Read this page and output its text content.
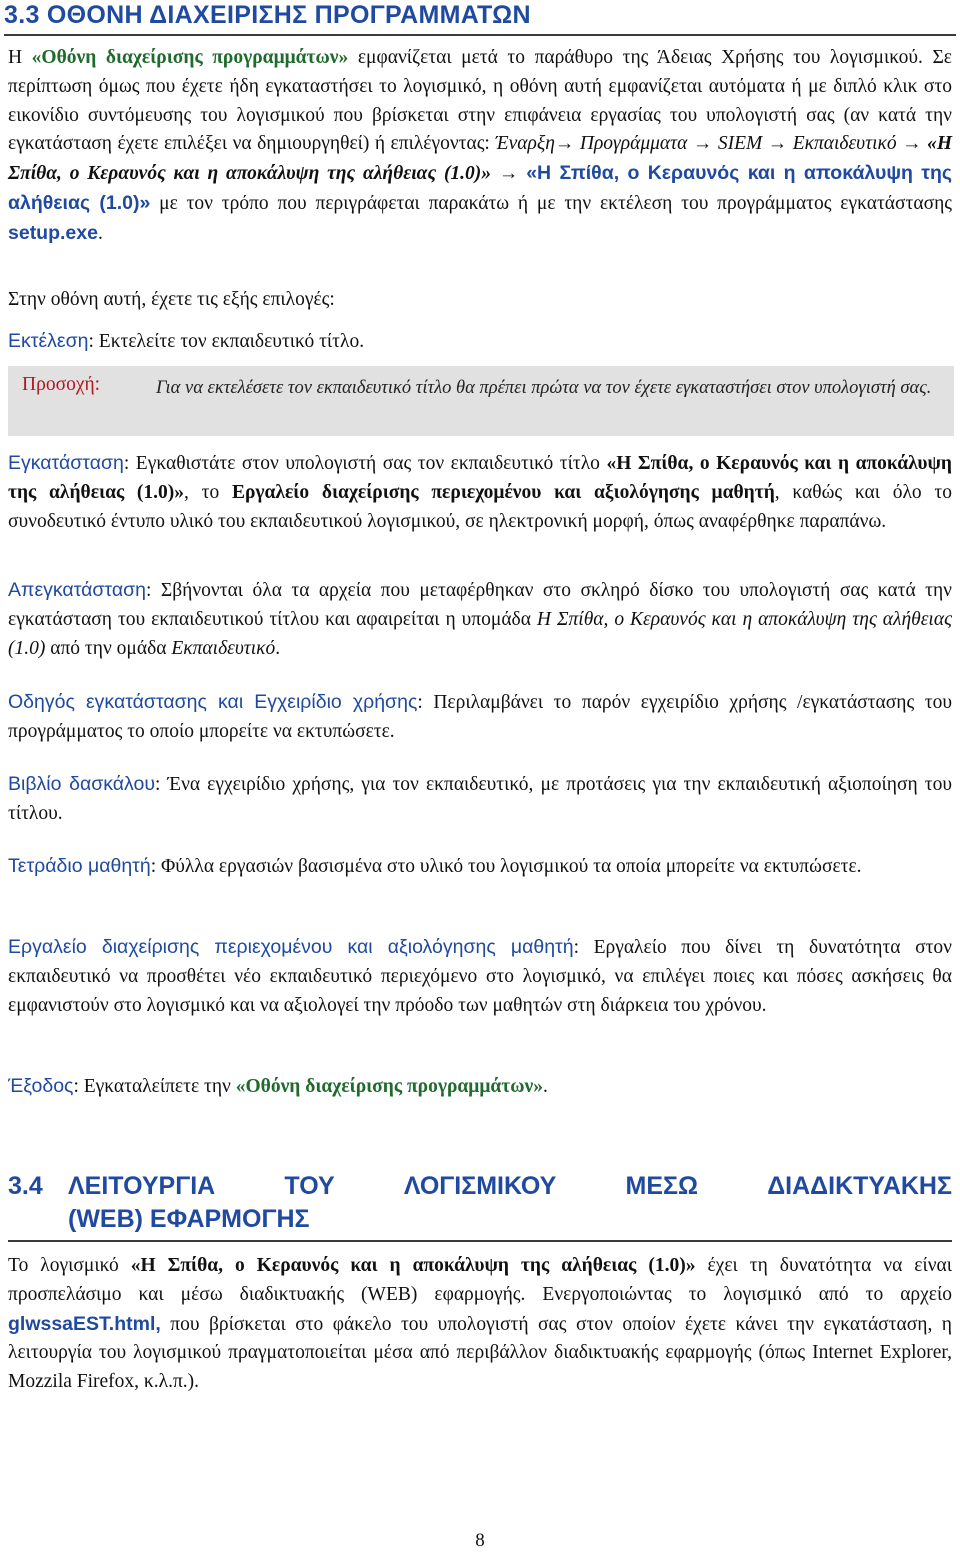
3.3 ΟΘΟΝΗ ΔΙΑΧΕΙΡΙΣΗΣ ΠΡΟΓΡΑΜΜΑΤΩΝ

Η «Οθόνη διαχείρισης προγραμμάτων» εμφανίζεται μετά το παράθυρο της Άδειας Χρήσης του λογισμικού. Σε περίπτωση όμως που έχετε ήδη εγκαταστήσει το λογισμικό, η οθόνη αυτή εμφανίζεται αυτόματα ή με διπλό κλικ στο εικονίδιο συντόμευσης του λογισμικού που βρίσκεται στην επιφάνεια εργασίας του υπολογιστή σας (αν κατά την εγκατάσταση έχετε επιλέξει να δημιουργηθεί) ή επιλέγοντας: Έναρξη→ Προγράμματα → SIEM → Εκπαιδευτικό → «Η Σπίθα, ο Κεραυνός και η αποκάλυψη της αλήθειας (1.0)» → «Η Σπίθα, ο Κεραυνός και η αποκάλυψη της αλήθειας (1.0)» με τον τρόπο που περιγράφεται παρακάτω ή με την εκτέλεση του προγράμματος εγκατάστασης setup.exe.

Στην οθόνη αυτή, έχετε τις εξής επιλογές:

Εκτέλεση: Εκτελείτε τον εκπαιδευτικό τίτλο.

Προσοχή:	Για να εκτελέσετε τον εκπαιδευτικό τίτλο θα πρέπει πρώτα να τον έχετε εγκαταστήσει στον υπολογιστή σας.

Εγκατάσταση: Εγκαθιστάτε στον υπολογιστή σας τον εκπαιδευτικό τίτλο «Η Σπίθα, ο Κεραυνός και η αποκάλυψη της αλήθειας (1.0)», το Εργαλείο διαχείρισης περιεχομένου και αξιολόγησης μαθητή, καθώς και όλο το συνοδευτικό έντυπο υλικό του εκπαιδευτικού λογισμικού, σε ηλεκτρονική μορφή, όπως αναφέρθηκε παραπάνω.

Απεγκατάσταση: Σβήνονται όλα τα αρχεία που μεταφέρθηκαν στο σκληρό δίσκο του υπολογιστή σας κατά την εγκατάσταση του εκπαιδευτικού τίτλου και αφαιρείται η υπομάδα Η Σπίθα, ο Κεραυνός και η αποκάλυψη της αλήθειας (1.0) από την ομάδα Εκπαιδευτικό.

Οδηγός εγκατάστασης και Εγχειρίδιο χρήσης: Περιλαμβάνει το παρόν εγχειρίδιο χρήσης /εγκατάστασης του προγράμματος το οποίο μπορείτε να εκτυπώσετε.

Βιβλίο δασκάλου: Ένα εγχειρίδιο χρήσης, για τον εκπαιδευτικό, με προτάσεις για την εκπαιδευτική αξιοποίηση του τίτλου.

Τετράδιο μαθητή: Φύλλα εργασιών βασισμένα στο υλικό του λογισμικού τα οποία μπορείτε να εκτυπώσετε.

Εργαλείο διαχείρισης περιεχομένου και αξιολόγησης μαθητή: Εργαλείο που δίνει τη δυνατότητα στον εκπαιδευτικό να προσθέτει νέο εκπαιδευτικό περιεχόμενο στο λογισμικό, να επιλέγει ποιες και πόσες ασκήσεις θα εμφανιστούν στο λογισμικό και να αξιολογεί την πρόοδο των μαθητών στη διάρκεια του χρόνου.

Έξοδος: Εγκαταλείπετε την «Οθόνη διαχείρισης προγραμμάτων».

3.4 ΛΕΙΤΟΥΡΓΙΑ	ΤΟΥ	ΛΟΓΙΣΜΙΚΟΥ	ΜΕΣΩ	ΔΙΑΔΙΚΤΥΑΚΗΣ
(WEB) ΕΦΑΡΜΟΓΗΣ

Το λογισμικό «Η Σπίθα, ο Κεραυνός και η αποκάλυψη της αλήθειας (1.0)» έχει τη δυνατότητα να είναι προσπελάσιμο και μέσω διαδικτυακής (WEB) εφαρμογής. Ενεργοποιώντας το λογισμικό από το αρχείο glwssaEST.html, που βρίσκεται στο φάκελο του υπολογιστή σας στον οποίον έχετε κάνει την εγκατάσταση, η λειτουργία του λογισμικού πραγματοποιείται μέσα από περιβάλλον διαδικτυακής εφαρμογής (όπως Internet Explorer, Mozzila Firefox, κ.λ.π.).

8
